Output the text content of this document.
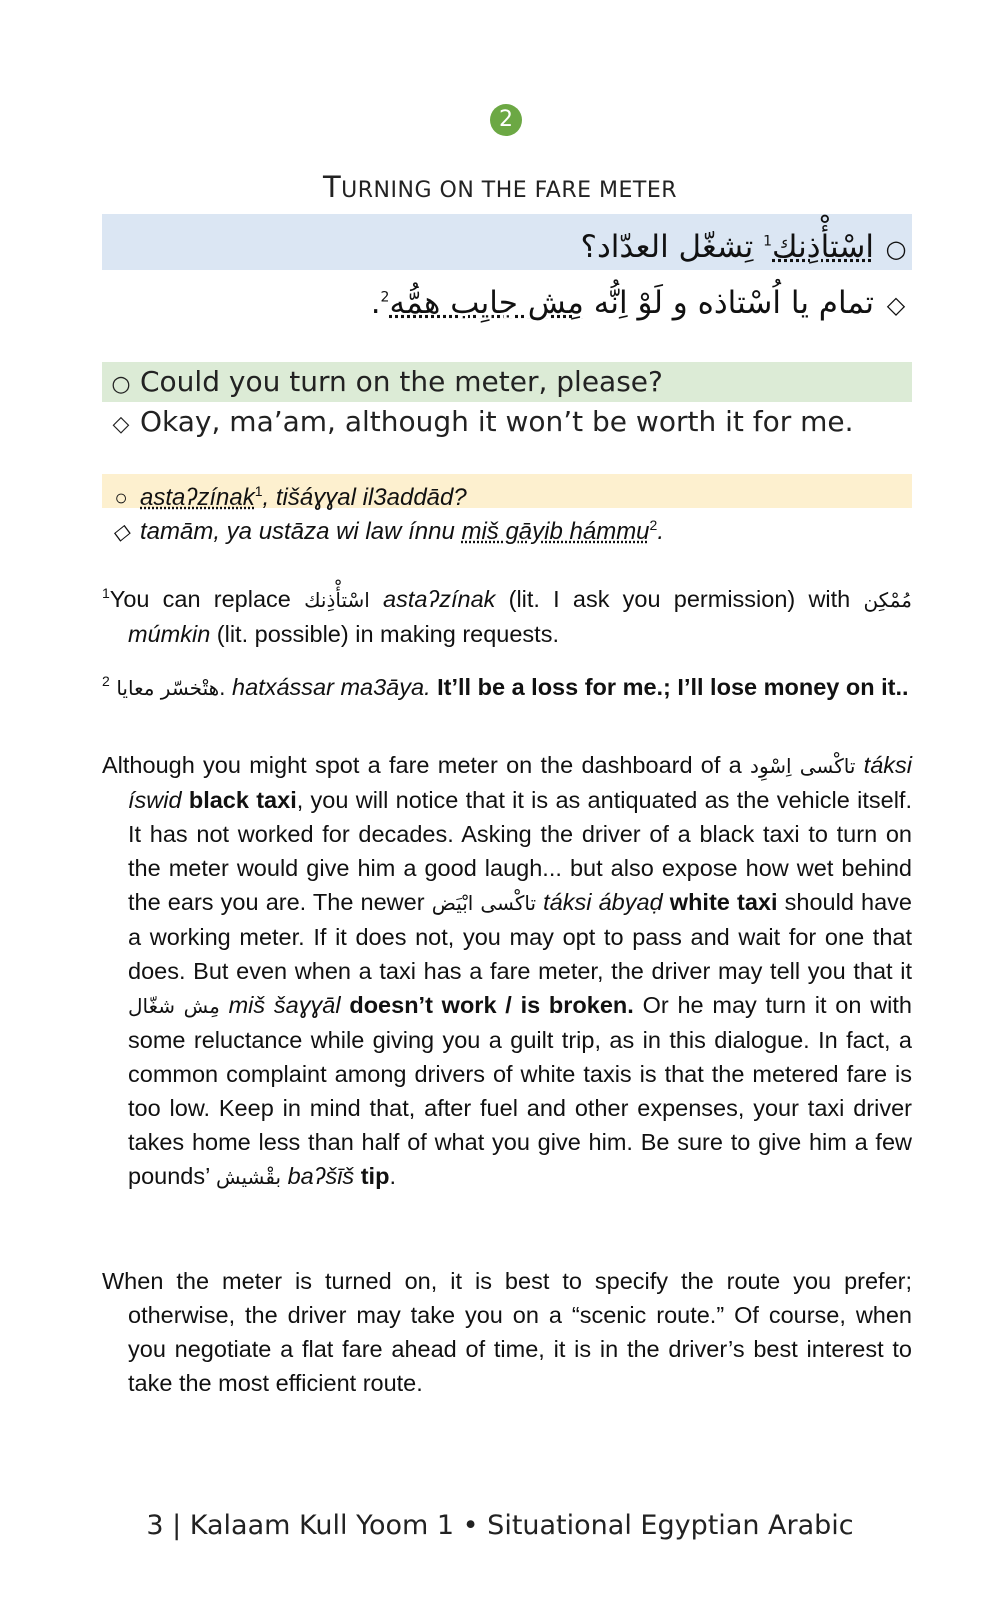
2
TURNING ON THE FARE METER
○اسْتأْذِنك$^1$ تِشغّل العدّاد؟
◇تمام يا اُسْتاذه و لَوْ اِنُّه مِش جايِب همُّه$^2$.
○ Could you turn on the meter, please?
◇ Okay, ma’am, although it won’t be worth it for me.
○ astaʔzínak$^1$, tišáɣɣal il3addād?
◇ tamām, ya ustāza wi law ínnu miš gāyib hámmu$^2$.
$^1$You can replace اسْتأْذِنك astaʔzínak (lit. I ask you permission) with مُمْكِن múmkin (lit. possible) in making requests.
$^2$ هتْخسّر معايا. hatxássar ma3āya. It’ll be a loss for me.; I’ll lose money on it..
Although you might spot a fare meter on the dashboard of a تاكْسى اِسْوِد táksi íswid black taxi, you will notice that it is as antiquated as the vehicle itself. It has not worked for decades. Asking the driver of a black taxi to turn on the meter would give him a good laugh... but also expose how wet behind the ears you are. The newer تاكْسى ابْيَض táksi ábyaḍ white taxi should have a working meter. If it does not, you may opt to pass and wait for one that does. But even when a taxi has a fare meter, the driver may tell you that it مِش شغّال miš šaɣɣāl doesn’t work / is broken. Or he may turn it on with some reluctance while giving you a guilt trip, as in this dialogue. In fact, a common complaint among drivers of white taxis is that the metered fare is too low. Keep in mind that, after fuel and other expenses, your taxi driver takes home less than half of what you give him. Be sure to give him a few pounds’ بقْشيش baʔšīš tip.
When the meter is turned on, it is best to specify the route you prefer; otherwise, the driver may take you on a “scenic route.” Of course, when you negotiate a flat fare ahead of time, it is in the driver’s best interest to take the most efficient route.
3 | Kalaam Kull Yoom 1 • Situational Egyptian Arabic
